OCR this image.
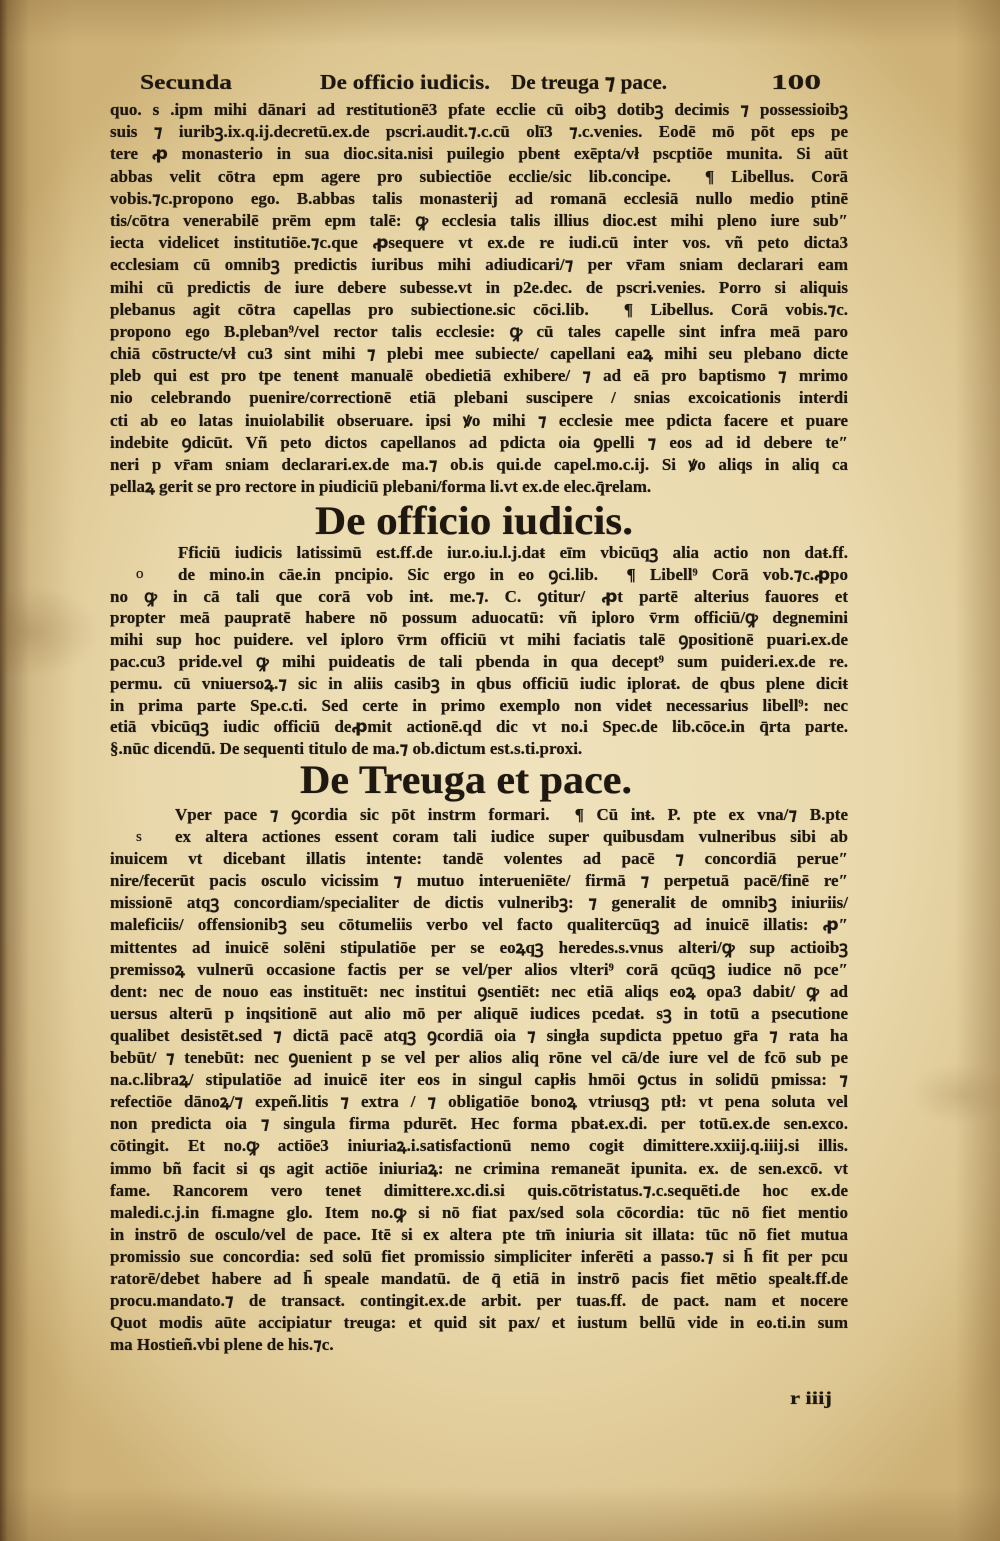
Secunda	De officio iudicis. De treuga ⁊ pace.	100
quo. s .ipm mihi dānari ad restitutionē3 pfate ecclie cū oibꝫ dotibꝫ decimis ⁊ possessioibꝫ
suis ⁊ iuribꝫ.ix.q.ij.decretū.ex.de pscri.audit.⁊.c.cū olī3 ⁊.c.venies. Eodē mō pōt eps pe
tere ꝓ monasterio in sua dioc.sita.nisi puilegio pbenŧ exēpta/vł pscptiōe munita. Si aūt
abbas velit cōtra epm agere pro subiectiōe ecclie/sic lib.concipe.  ¶ Libellus. Corā
vobis.⁊c.propono ego. B.abbas talis monasterij ad romanā ecclesiā nullo medio ptinē
tis/cōtra venerabilē prēm epm talē: ꝙ ecclesia talis illius dioc.est mihi pleno iure sub″
iecta videlicet institutiōe.⁊c.que ꝓsequere vt ex.de re iudi.cū inter vos. vñ peto dicta3
ecclesiam cū omnibꝫ predictis iuribus mihi adiudicari/⁊ per vr̄am sniam declarari eam
mihi cū predictis de iure debere subesse.vt in p2e.dec. de pscri.venies. Porro si aliquis
plebanus agit cōtra capellas pro subiectione.sic cōci.lib.  ¶ Libellus. Corā vobis.⁊c.
propono ego B.pleban⁹/vel rector talis ecclesie: ꝙ cū tales capelle sint infra meā paro
chiā cōstructe/vł cu3 sint mihi ⁊ plebi mee subiecte/ capellani eaꝝ mihi seu plebano dicte
pleb qui est pro tpe tenenŧ manualē obedietiā exhibere/ ⁊ ad eā pro baptismo ⁊ mrimo
nio celebrando puenire/correctionē etiā plebani suscipere / snias excoicationis interdi
cti ab eo latas inuiolabiliŧ obseruare. ipsi ꝟo mihi ⁊ ecclesie mee pdicta facere et puare
indebite ꝯdicūt. Vñ peto dictos capellanos ad pdicta oia ꝯpelli ⁊ eos ad id debere te″
neri p vr̄am sniam declarari.ex.de ma.⁊ ob.is qui.de capel.mo.c.ij. Si ꝟo aliqs in aliq ca
pellaꝝ gerit se pro rectore in piudiciū plebani/forma li.vt ex.de elec.q̄relam.
De officio iudicis.
o
Fficiū iudicis latissimū est.ff.de iur.o.iu.l.j.daŧ eīm vbicūqꝫ alia actio non daŧ.ff.
de mino.in cāe.in pncipio. Sic ergo in eo ꝯci.lib.  ¶ Libell⁹ Corā vob.⁊c.ꝓpo
no ꝙ in cā tali que corā vob inŧ. me.⁊. C. ꝯtitur/ ꝓt partē alterius fauores et
propter meā paupratē habere nō possum aduocatū: vñ iploro v̄rm officiū/ꝙ degnemini
mihi sup hoc puidere. vel iploro v̄rm officiū vt mihi faciatis talē ꝯpositionē puari.ex.de
pac.cu3 pride.vel ꝙ mihi puideatis de tali pbenda in qua decept⁹ sum puideri.ex.de re.
permu. cū vniuersoꝝ.⁊ sic in aliis casibꝫ in qbus officiū iudic iploraŧ. de qbus plene diciŧ
in prima parte Spe.c.ti. Sed certe in primo exemplo non videŧ necessarius libell⁹: nec
etiā vbicūqꝫ iudic officiū deꝓmit actionē.qd dic vt no.i Spec.de lib.cōce.in q̄rta parte.
§.nūc dicendū. De sequenti titulo de ma.⁊ ob.dictum est.s.ti.proxi.
De Treuga et pace.
s
Vper pace ⁊ ꝯcordia sic pōt instrm formari.  ¶ Cū inŧ. P. pte ex vna/⁊ B.pte
ex altera actiones essent coram tali iudice super quibusdam vulneribus sibi ab
inuicem vt dicebant illatis intente: tandē volentes ad pacē ⁊ concordiā perue″
nire/fecerūt pacis osculo vicissim ⁊ mutuo interueniēte/ firmā ⁊ perpetuā pacē/finē re″
missionē atqꝫ concordiam/specialiter de dictis vulneribꝫ: ⁊ generaliŧ de omnibꝫ iniuriis/
maleficiis/ offensionibꝫ seu cōtumeliis verbo vel facto qualitercūqꝫ ad inuicē illatis: ꝓ″
mittentes ad inuicē solēni stipulatiōe per se eoꝝqꝫ heredes.s.vnus alteri/ꝙ sup actioibꝫ
premissoꝝ vulnerū occasione factis per se vel/per alios vlteri⁹ corā qcūqꝫ iudice nō pce″
dent: nec de nouo eas instituēt: nec institui ꝯsentiēt: nec etiā aliqs eoꝝ opa3 dabit/ ꝙ ad
uersus alterū p inqsitionē aut alio mō per aliquē iudices pcedaŧ. sꝫ in totū a psecutione
qualibet desistēt.sed ⁊ dictā pacē atqꝫ ꝯcordiā oia ⁊ singła supdicta ppetuo gr̄a ⁊ rata ha
bebūt/ ⁊ tenebūt: nec ꝯuenient p se vel per alios aliq rōne vel cā/de iure vel de fcō sub pe
na.c.libraꝝ/ stipulatiōe ad inuicē iter eos in singul capłis hmōi ꝯctus in solidū pmissa: ⁊
refectiōe dānoꝝ/⁊ expeñ.litis ⁊ extra / ⁊ obligatiōe bonoꝝ vtriusqꝫ ptł: vt pena soluta vel
non predicta oia ⁊ singula firma pdurēt. Hec forma pbaŧ.ex.di. per totū.ex.de sen.exco.
cōtingit. Et no.ꝙ actiōe3 iniuriaꝝ.i.satisfactionū nemo cogiŧ dimittere.xxiij.q.iiij.si illis.
immo bñ facit si qs agit actiōe iniuriaꝝ: ne crimina remaneāt ipunita. ex. de sen.excō. vt
fame. Rancorem vero teneŧ dimittere.xc.di.si quis.cōtristatus.⁊.c.sequēti.de hoc ex.de
maledi.c.j.in fi.magne glo. Item no.ꝙ si nō fiat pax/sed sola cōcordia: tūc nō fiet mentio
in instrō de osculo/vel de pace. Itē si ex altera pte tm̄ iniuria sit illata: tūc nō fiet mutua
promissio sue concordia: sed solū fiet promissio simpliciter inferēti a passo.⁊ si h̄ fit per pcu
ratorē/debet habere ad h̄ speale mandatū. de q̄ etiā in instrō pacis fiet mētio spealŧ.ff.de
procu.mandato.⁊ de transacŧ. contingit.ex.de arbit. per tuas.ff. de pacŧ. nam et nocere
Quot modis aūte accipiatur treuga: et quid sit pax/ et iustum bellū vide in eo.ti.in sum
ma Hostieñ.vbi plene de his.⁊c.
r iiij
